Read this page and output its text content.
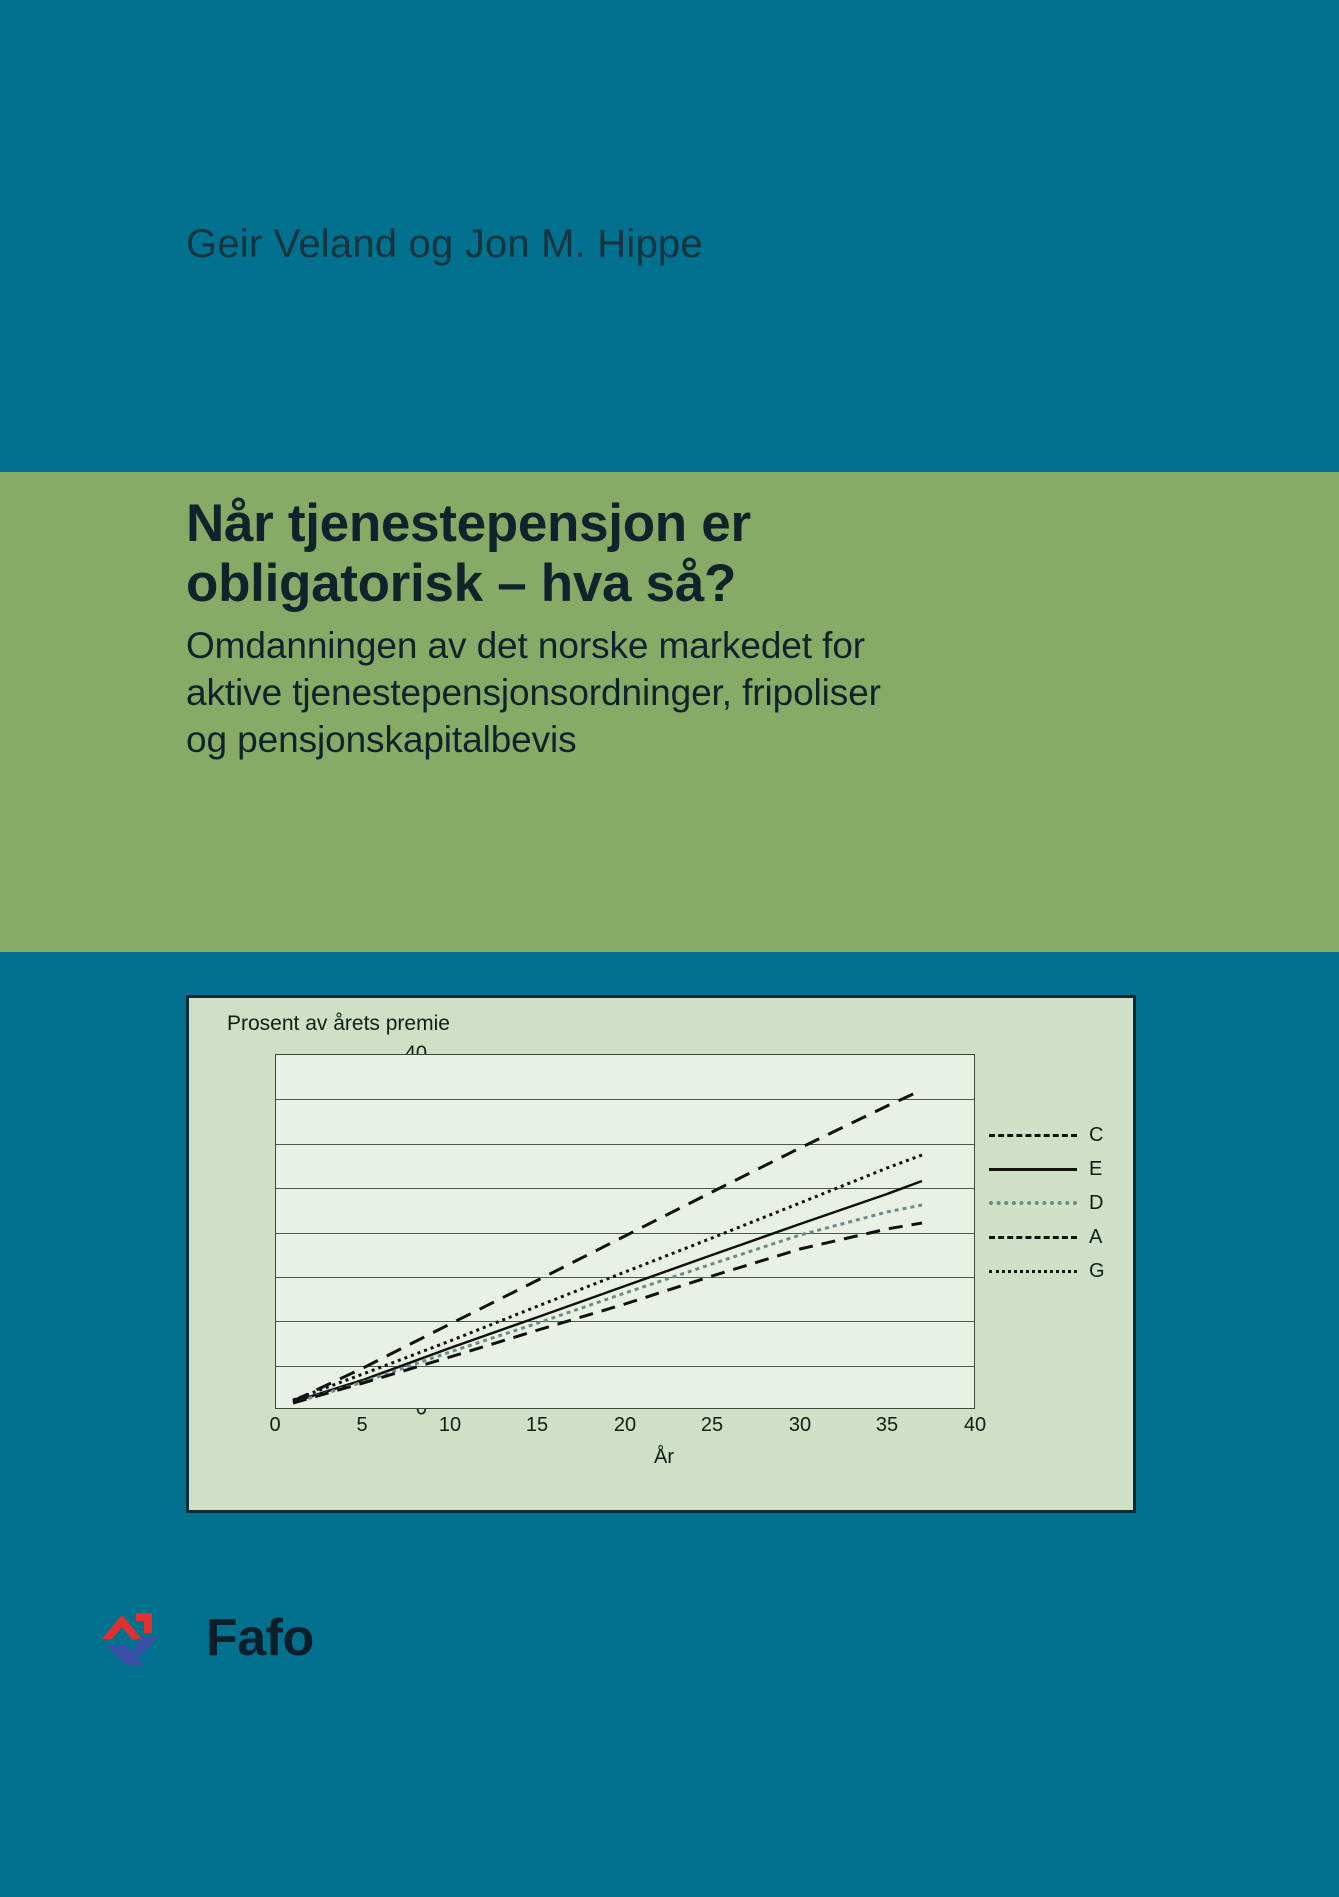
Geir Veland og Jon M. Hippe
Når tjenestepensjon er
obligatorisk – hva så?
Omdanningen av det norske markedet for
aktive tjenestepensjonsordninger, fripoliser
og pensjonskapitalbevis
Prosent av årets premie
0	5	10	15	20	25	30	35	40
År
C
E
D
A
G
Fafo
